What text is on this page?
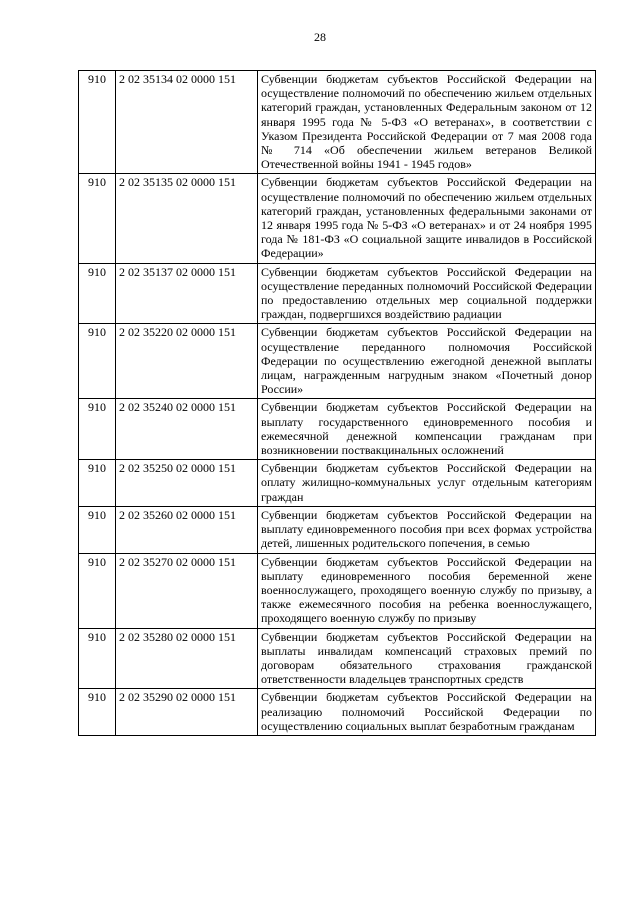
28
910	2 02 35134 02 0000 151	Субвенции бюджетам субъектов Российской Федерации на осуществление полномочий по обеспечению жильем отдельных категорий граждан, установленных Федеральным законом от 12 января 1995 года № 5-ФЗ «О ветеранах», в соответствии с Указом Президента Российской Федерации от 7 мая 2008 года № 714 «Об обеспечении жильем ветеранов Великой Отечественной войны 1941 - 1945 годов»
910	2 02 35135 02 0000 151	Субвенции бюджетам субъектов Российской Федерации на осуществление полномочий по обеспечению жильем отдельных категорий граждан, установленных федеральными законами от 12 января 1995 года № 5-ФЗ «О ветеранах» и от 24 ноября 1995 года № 181-ФЗ «О социальной защите инвалидов в Российской Федерации»
910	2 02 35137 02 0000 151	Субвенции бюджетам субъектов Российской Федерации на осуществление переданных полномочий Российской Федерации по предоставлению отдельных мер социальной поддержки граждан, подвергшихся воздействию радиации
910	2 02 35220 02 0000 151	Субвенции бюджетам субъектов Российской Федерации на осуществление переданного полномочия Российской Федерации по осуществлению ежегодной денежной выплаты лицам, награжденным нагрудным знаком «Почетный донор России»
910	2 02 35240 02 0000 151	Субвенции бюджетам субъектов Российской Федерации на выплату государственного единовременного пособия и ежемесячной денежной компенсации гражданам при возникновении поствакцинальных осложнений
910	2 02 35250 02 0000 151	Субвенции бюджетам субъектов Российской Федерации на оплату жилищно-коммунальных услуг отдельным категориям граждан
910	2 02 35260 02 0000 151	Субвенции бюджетам субъектов Российской Федерации на выплату единовременного пособия при всех формах устройства детей, лишенных родительского попечения, в семью
910	2 02 35270 02 0000 151	Субвенции бюджетам субъектов Российской Федерации на выплату единовременного пособия беременной жене военнослужащего, проходящего военную службу по призыву, а также ежемесячного пособия на ребенка военнослужащего, проходящего военную службу по призыву
910	2 02 35280 02 0000 151	Субвенции бюджетам субъектов Российской Федерации на выплаты инвалидам компенсаций страховых премий по договорам обязательного страхования гражданской ответственности владельцев транспортных средств
910	2 02 35290 02 0000 151	Субвенции бюджетам субъектов Российской Федерации на реализацию полномочий Российской Федерации по осуществлению социальных выплат безработным гражданам
